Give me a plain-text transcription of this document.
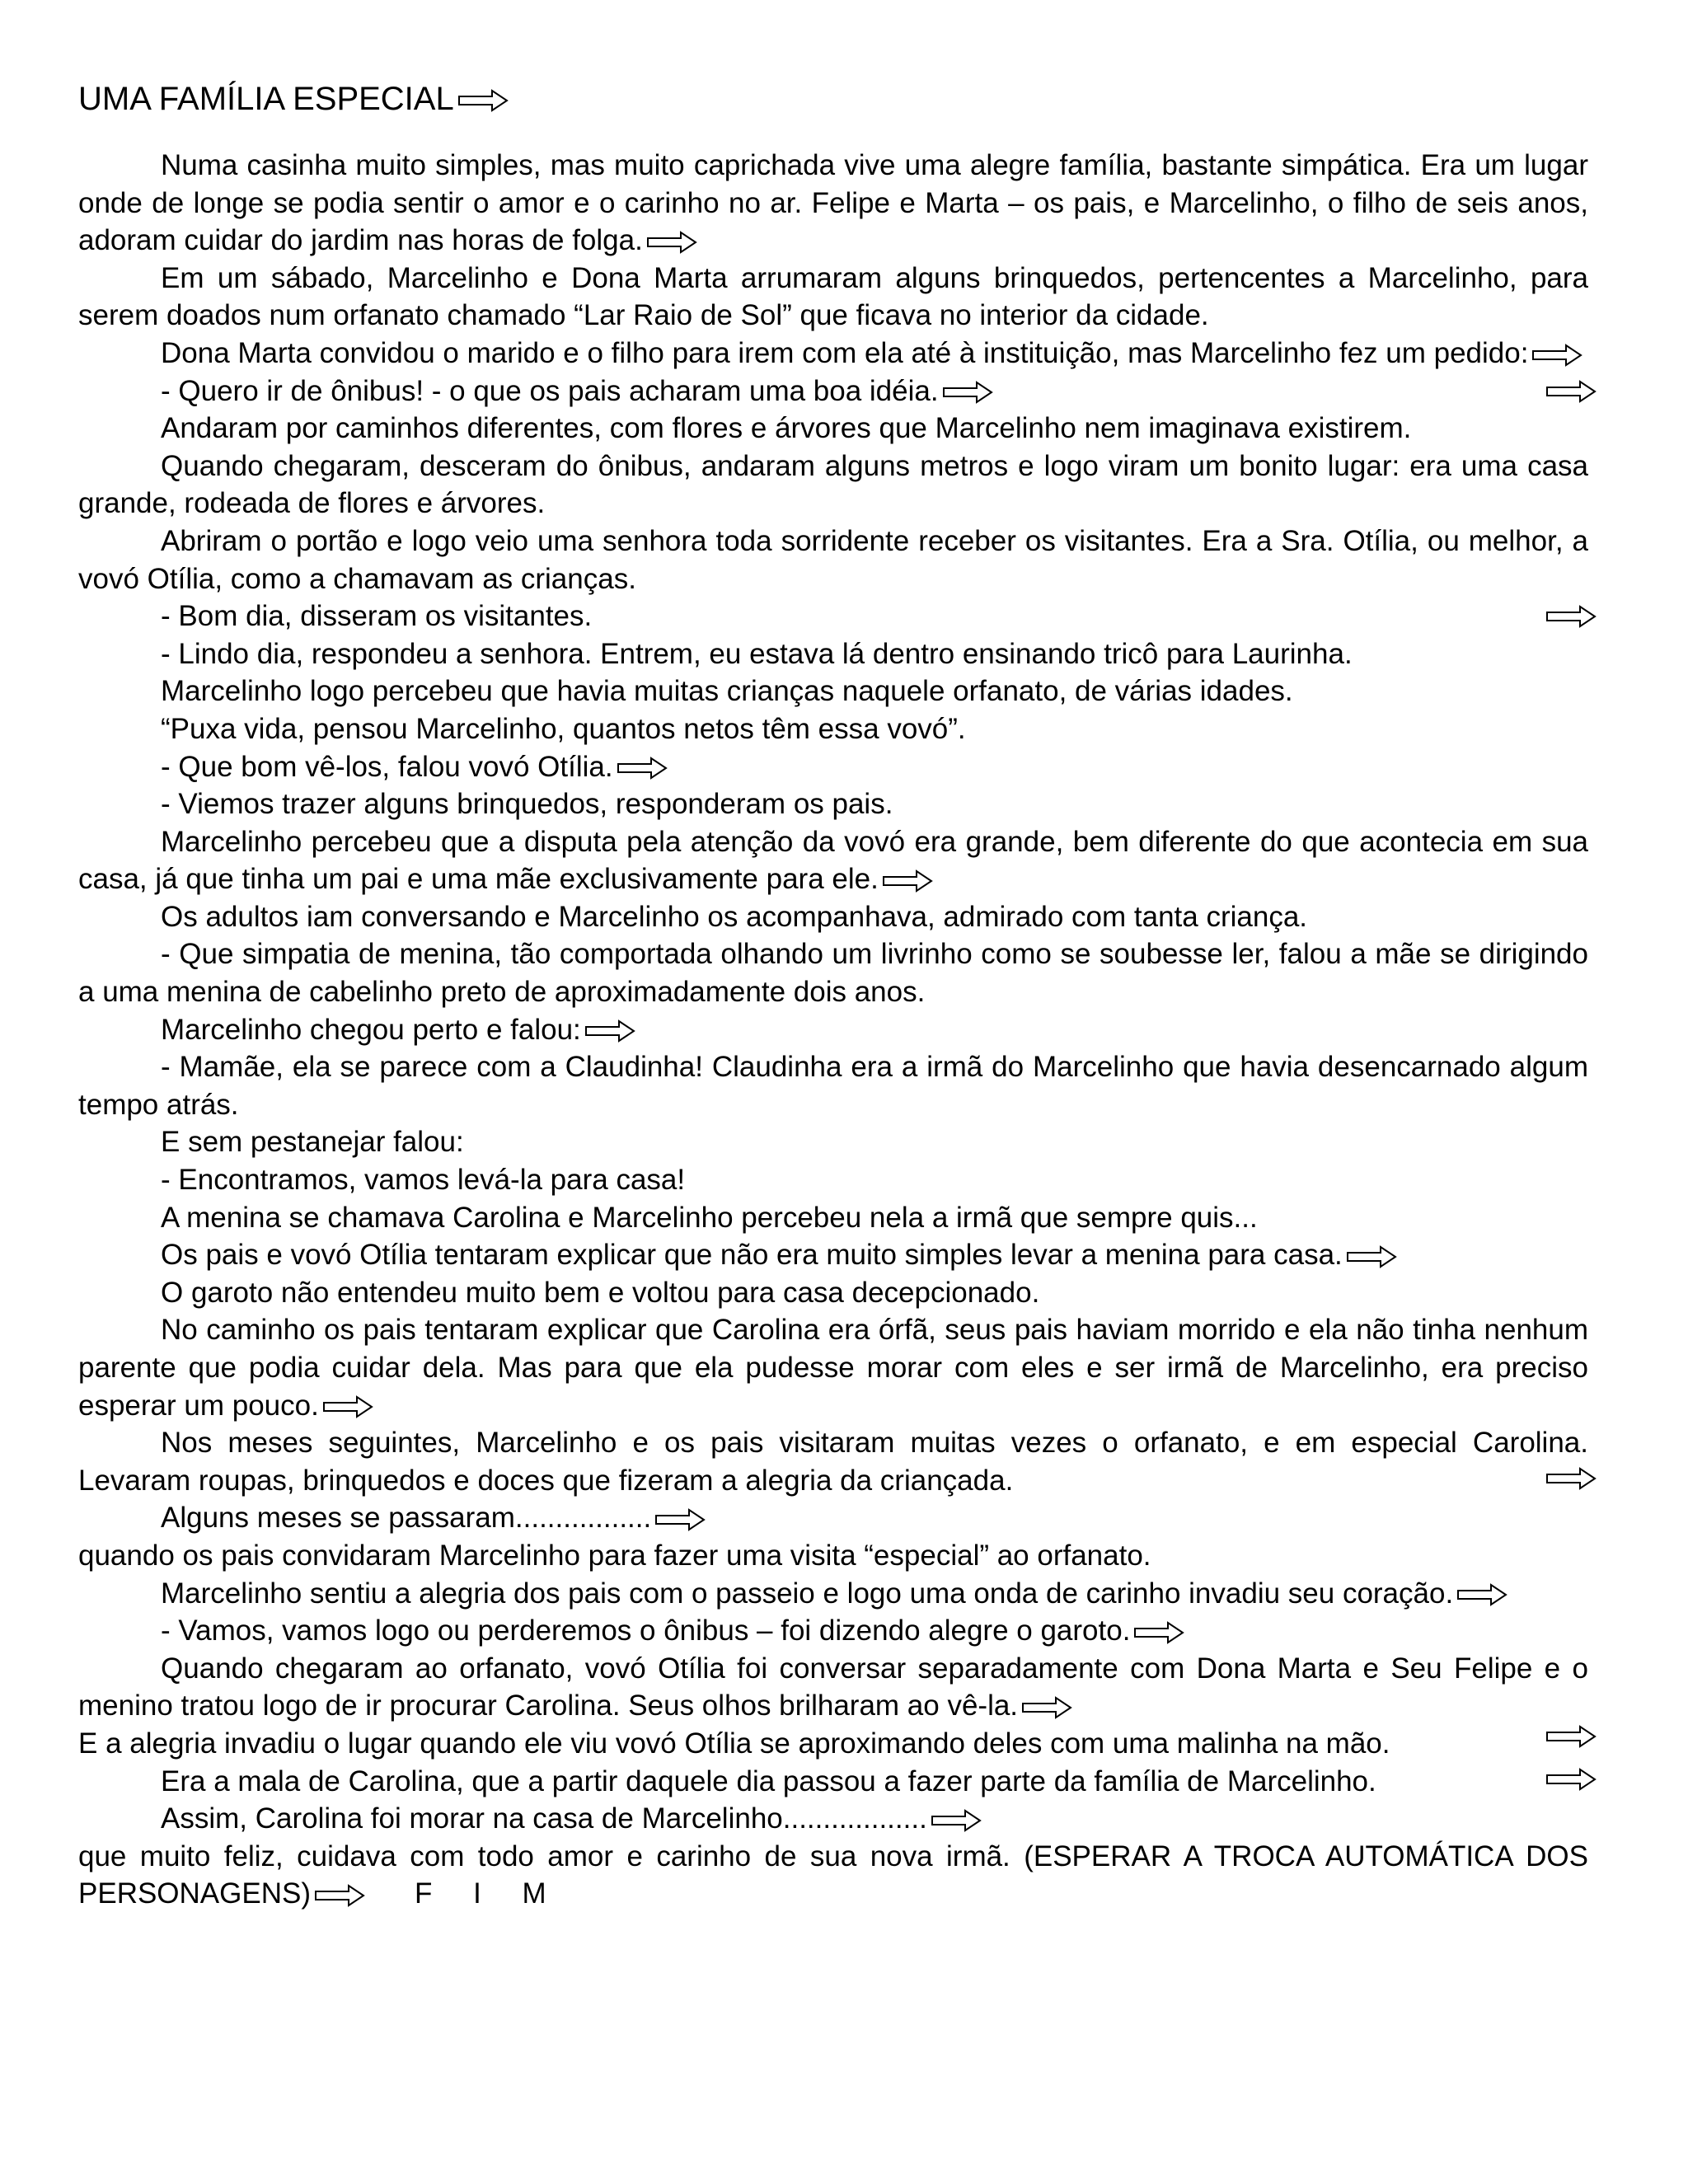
UMA FAMÍLIA ESPECIAL

Numa casinha muito simples, mas muito caprichada vive uma alegre família, bastante simpática. Era um lugar onde de longe se podia sentir o amor e o carinho no ar. Felipe e Marta – os pais, e Marcelinho, o filho de seis anos, adoram cuidar do jardim nas horas de folga.

Em um sábado, Marcelinho e Dona Marta arrumaram alguns brinquedos, pertencentes a Marcelinho, para serem doados num orfanato chamado “Lar Raio de Sol” que ficava no interior da cidade.

Dona Marta convidou o marido e o filho para irem com ela até à instituição, mas Marcelinho fez um pedido:

- Quero ir de ônibus! - o que os pais acharam uma boa idéia.

Andaram por caminhos diferentes, com flores e árvores que Marcelinho nem imaginava existirem.

Quando chegaram, desceram do ônibus, andaram alguns metros e logo viram um bonito lugar: era uma casa grande, rodeada de flores e árvores.

Abriram o portão e logo veio uma senhora toda sorridente receber os visitantes. Era a Sra. Otília, ou melhor, a vovó Otília, como a chamavam as crianças.

- Bom dia, disseram os visitantes.

- Lindo dia, respondeu a senhora. Entrem, eu estava lá dentro ensinando tricô para Laurinha.

Marcelinho logo percebeu que havia muitas crianças naquele orfanato, de várias idades.

“Puxa vida, pensou Marcelinho, quantos netos têm essa vovó”.

- Que bom vê-los, falou vovó Otília.

- Viemos trazer alguns brinquedos, responderam os pais.

Marcelinho percebeu que a disputa pela atenção da vovó era grande, bem diferente do que acontecia em sua casa, já que tinha um pai e uma mãe exclusivamente para ele.

Os adultos iam conversando e Marcelinho os acompanhava, admirado com tanta criança.

- Que simpatia de menina, tão comportada olhando um livrinho como se soubesse ler, falou a mãe se dirigindo a uma menina de cabelinho preto de aproximadamente dois anos.

Marcelinho chegou perto e falou:

- Mamãe, ela se parece com a Claudinha! Claudinha era a irmã do Marcelinho que havia desencarnado algum tempo atrás.

E sem pestanejar falou:

- Encontramos, vamos levá-la para casa!

A menina se chamava Carolina e Marcelinho percebeu nela a irmã que sempre quis...

Os pais e vovó Otília tentaram explicar que não era muito simples levar a menina para casa.

O garoto não entendeu muito bem e voltou para casa decepcionado.

No caminho os pais tentaram explicar que Carolina era órfã, seus pais haviam morrido e ela não tinha nenhum parente que podia cuidar dela. Mas para que ela pudesse morar com eles e ser irmã de Marcelinho, era preciso esperar um pouco.

Nos meses seguintes, Marcelinho e os pais visitaram muitas vezes o orfanato, e em especial Carolina. Levaram roupas, brinquedos e doces que fizeram a alegria da criançada.

Alguns meses se passaram.................

quando os pais convidaram Marcelinho para fazer uma visita “especial” ao orfanato.

Marcelinho sentiu a alegria dos pais com o passeio e logo uma onda de carinho invadiu seu coração.

- Vamos, vamos logo ou perderemos o ônibus – foi dizendo alegre o garoto.

Quando chegaram ao orfanato, vovó Otília foi conversar separadamente com Dona Marta e Seu Felipe e o menino tratou logo de ir procurar Carolina. Seus olhos brilharam ao vê-la.

E a alegria invadiu o lugar quando ele viu vovó Otília se aproximando deles com uma malinha na mão.

Era a mala de Carolina, que a partir daquele dia passou a fazer parte da família de Marcelinho.

Assim, Carolina foi morar na casa de Marcelinho..................

que muito feliz, cuidava com todo amor e carinho de sua nova irmã. (ESPERAR A TROCA AUTOMÁTICA DOS PERSONAGENS)	F I M
